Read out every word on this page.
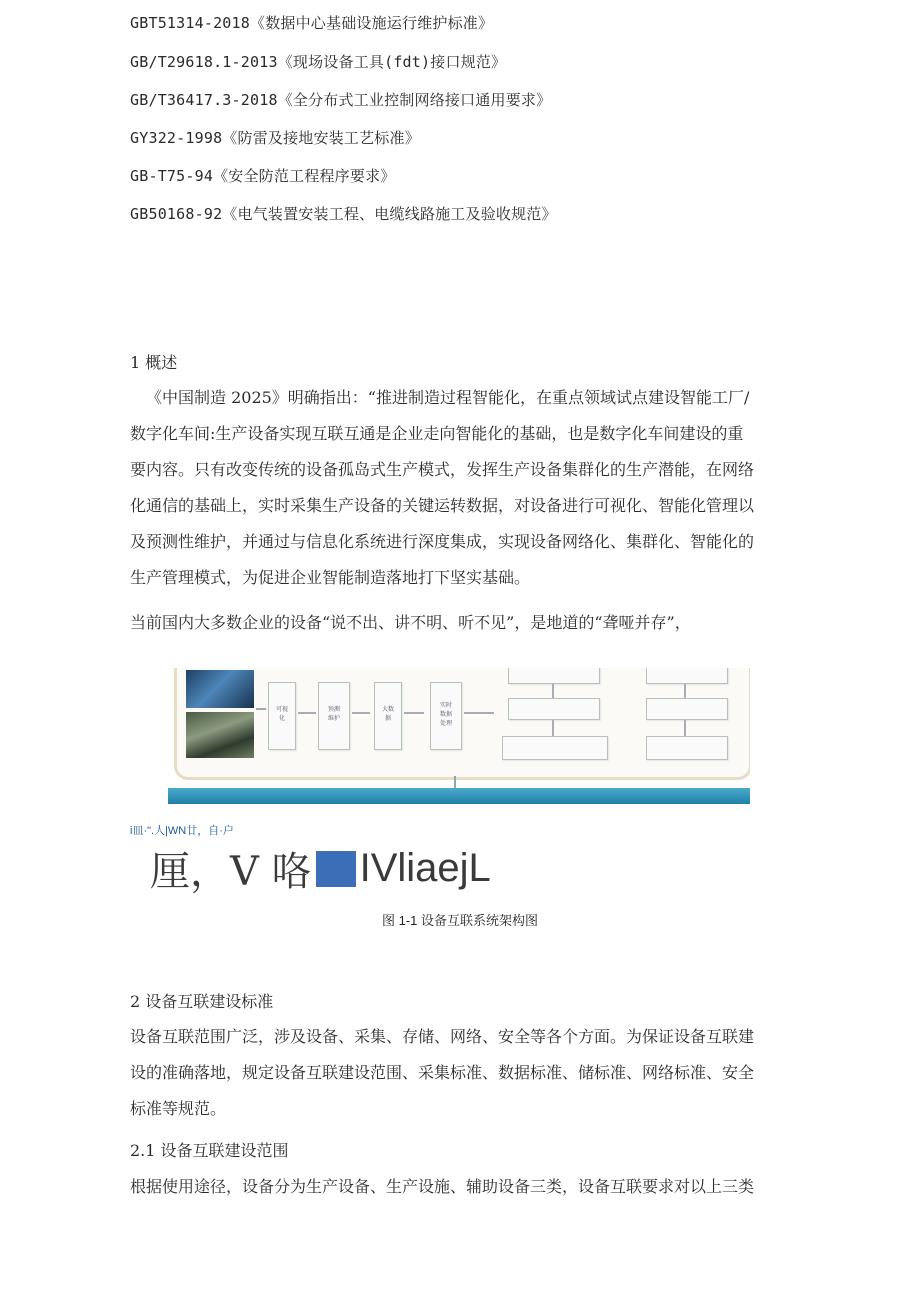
GBT51314-2018《数据中心基础设施运行维护标准》
GB/T29618.1-2013《现场设备工具(fdt)接口规范》
GB/T36417.3-2018《全分布式工业控制网络接口通用要求》
GY322-1998《防雷及接地安装工艺标准》
GB-T75-94《安全防范工程程序要求》
GB50168-92《电气装置安装工程、电缆线路施工及验收规范》
1 概述
《中国制造 2025》明确指出：“推进制造过程智能化，在重点领域试点建设智能工厂/
数字化车间:生产设备实现互联互通是企业走向智能化的基础，也是数字化车间建设的重
要内容。只有改变传统的设备孤岛式生产模式，发挥生产设备集群化的生产潜能，在网络
化通信的基础上，实时采集生产设备的关键运转数据，对设备进行可视化、智能化管理以
及预测性维护，并通过与信息化系统进行深度集成，实现设备网络化、集群化、智能化的
生产管理模式，为促进企业智能制造落地打下坚实基础。
当前国内大多数企业的设备“说不出、讲不明、听不见”，是地道的“聋哑并存”，
可视
化
预测
维护
大数
据
实时
数据
处理
i皿·".人|WN廿，自·户
厘，V 咯 IVliaejL
图 1-1 设备互联系统架构图
2 设备互联建设标准
设备互联范围广泛，涉及设备、采集、存储、网络、安全等各个方面。为保证设备互联建
设的准确落地，规定设备互联建设范围、采集标准、数据标准、储标准、网络标准、安全
标准等规范。
2.1 设备互联建设范围
根据使用途径，设备分为生产设备、生产设施、辅助设备三类，设备互联要求对以上三类
